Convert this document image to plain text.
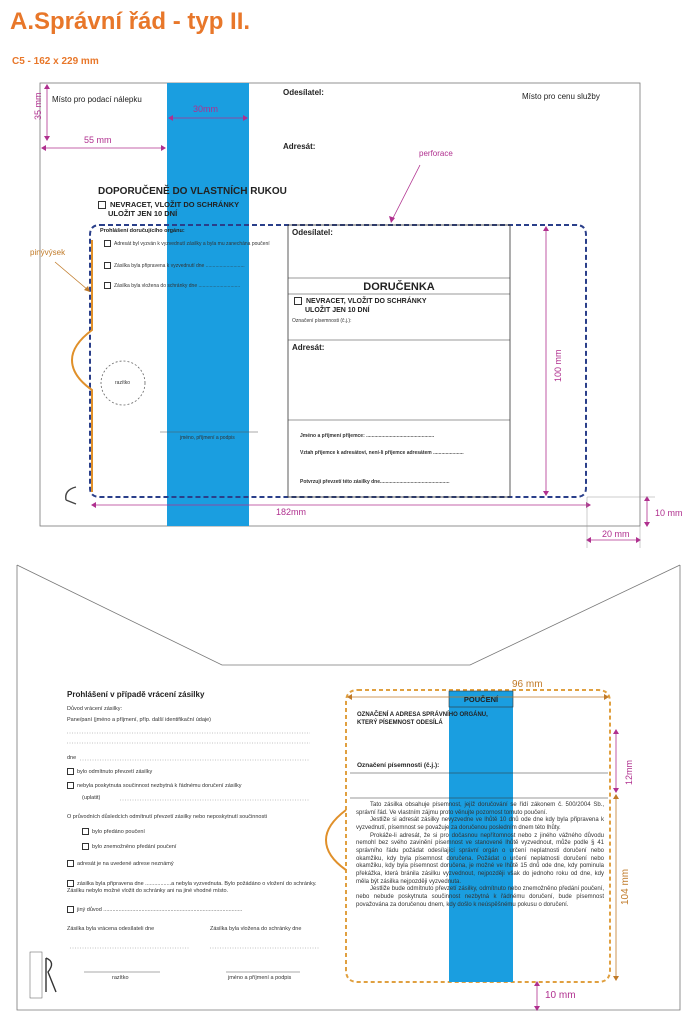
A.Správní řád - typ II.
C5 - 162 x 229 mm
Místo pro podací nálepku
Odesílatel:	Místo pro cenu služby
Adresát:
perforace
pinývýsek
35 mm
55 mm
30mm
100 mm
182mm	10 mm
20 mm
DOPORUČENĚ DO VLASTNÍCH RUKOU
NEVRACET, VLOŽIT DO SCHRÁNKY
ULOŽIT JEN 10 DNÍ
Prohlášení doručujícího orgánu:
Adresát byl vyzván k vyzvednutí zásilky a byla mu zanechána poučení
Zásilka byla připravena k vyzvednutí dne ............................
Zásilka byla vložena do schránky dne ..............................
razítko
jméno, příjmení a podpis
Odesílatel:
DORUČENKA
NEVRACET, VLOŽIT DO SCHRÁNKY
ULOŽIT JEN 10 DNÍ
Označení písemnosti (č.j.):
Adresát:
Jméno a příjmení příjemce: .................................................
Vztah příjemce k adresátovi, není-li příjemce adresátem ......................
Potvrzuji převzetí této zásilky dne..................................................
Prohlášení v případě vrácení zásilky
Důvod vrácení zásilky:
Pane/paní (jméno a příjmení, příp. další identifikační údaje)
dne
bylo odmítnuto převzetí zásilky
nebyla poskytnuta součinnost nezbytná k řádnému doručení zásilky
(uplatit)
O průvodních důsledcích odmítnutí převzetí zásilky nebo neposkytnutí součinnosti
bylo předáno poučení
bylo znemožněno předání poučení
adresát je na uvedené adrese neznámý
zásilka byla připravena dne .................a nebyla vyzvednuta. Bylo požádáno o vložení do schránky. Zásilku nebylo možné vložit do schránky ani na jiné vhodné místo.
jiný důvod ...........................................................................................
Zásilka byla vrácena odesílateli dne	Zásilka byla vložena do schránky dne
razítko	jméno a příjmení a podpis
96 mm
12mm
104 mm
10 mm
POUČENÍ
OZNAČENÍ A ADRESA SPRÁVNÍHO ORGÁNU, KTERÝ PÍSEMNOST ODESÍLÁ
Označení písemnosti (č.j.):
Tato zásilka obsahuje písemnost, jejíž doručování se řídí zákonem č. 500/2004 Sb., správní řád. Ve vlastním zájmu proto věnujte pozornost tomuto poučení.
Jestliže si adresát zásilky nevyzvedne ve lhůtě 10 dnů ode dne kdy byla připravena k vyzvednutí, písemnost se považuje za doručenou posledním dnem této lhůty.
Prokáže-li adresát, že si pro dočasnou nepřítomnost nebo z jiného vážného důvodu nemohl bez svého zavinění písemnost ve stanovené lhůtě vyzvednout, může podle § 41 správního řádu požádat odesílající správní orgán o určení neplatnosti doručení nebo okamžiku, kdy byla písemnost doručena. Požádat o určení neplatnosti doručení nebo okamžiku, kdy byla písemnost doručena, je možné ve lhůtě 15 dnů ode dne, kdy pominula překážka, která bránila zásilku vyzvednout, nejpozději však do jednoho roku od dne, kdy měla být zásilka nejpozději vyzvednuta.
Jestliže bude odmítnuto převzetí zásilky, odmítnuto nebo znemožněno předání poučení, nebo nebude poskytnuta součinnost nezbytná k řádnému doručení, bude písemnost považována za doručenou dnem, kdy došlo k neúspěšnému pokusu o doručení.
